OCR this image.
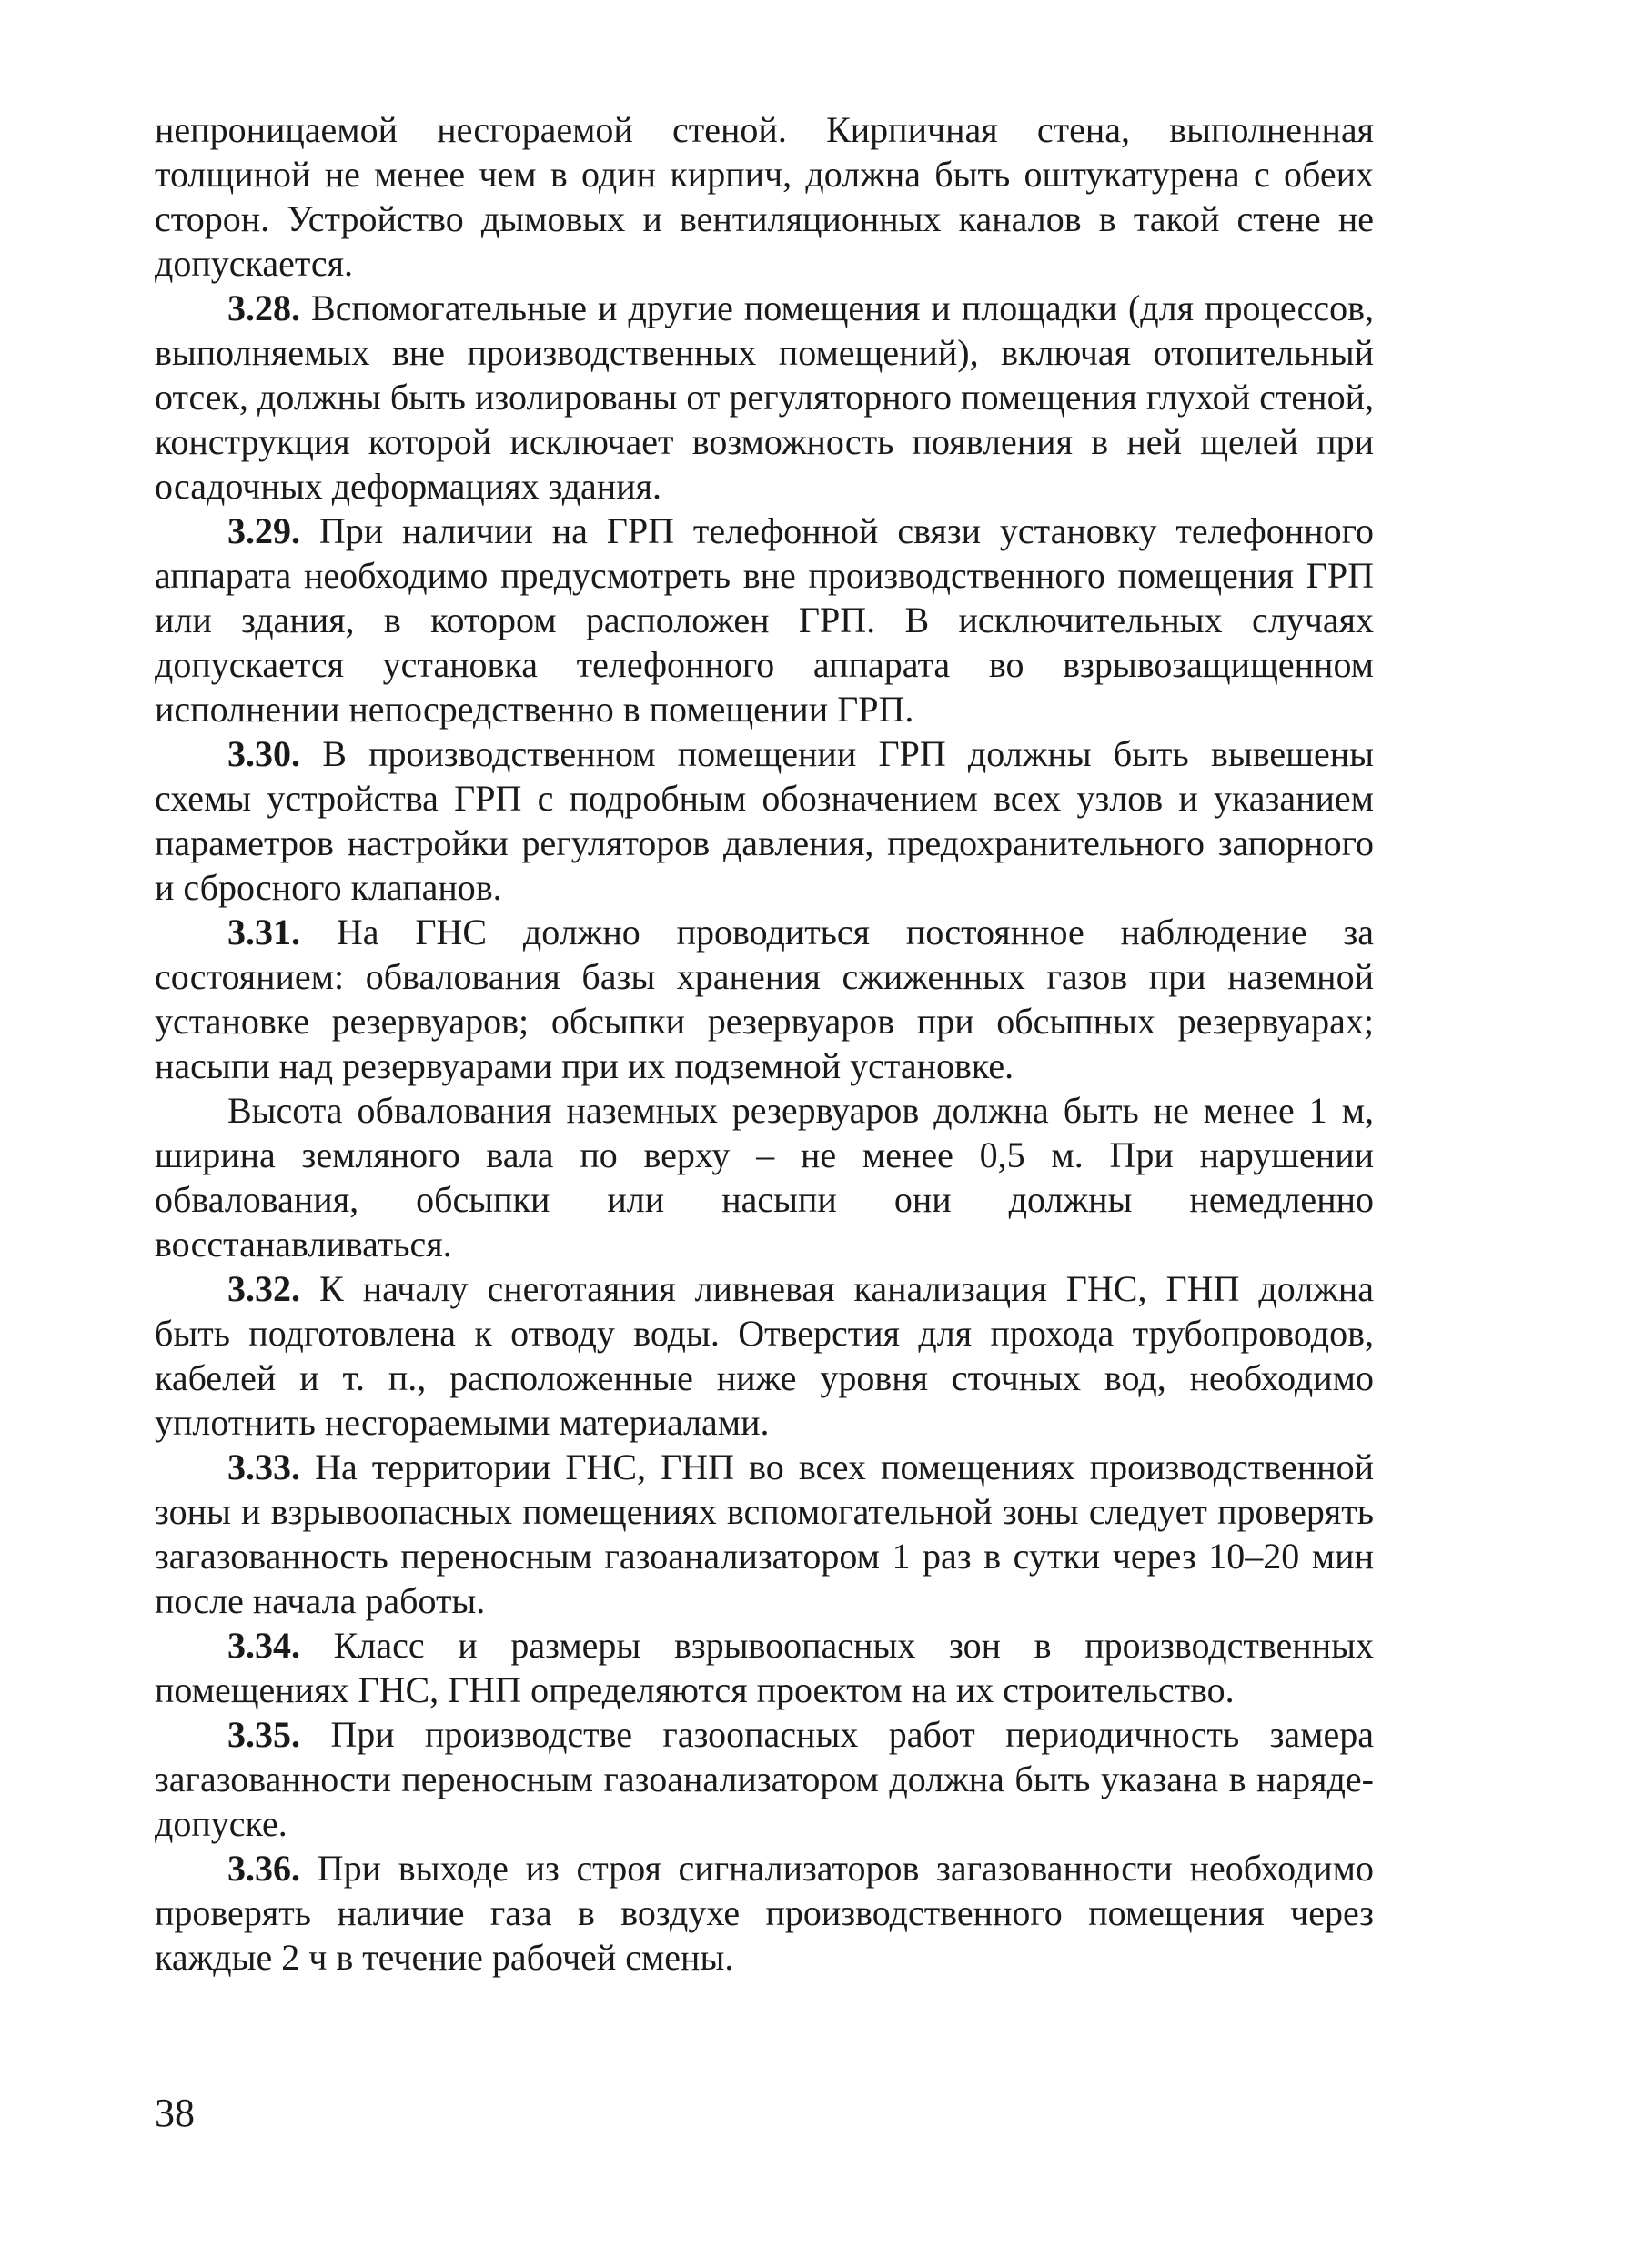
непроницаемой несгораемой стеной. Кирпичная стена, выполненная толщиной не менее чем в один кирпич, должна быть оштукатурена с обеих сторон. Устройство дымовых и вентиляционных каналов в такой стене не допускается.

3.28. Вспомогательные и другие помещения и площадки (для процессов, выполняемых вне производственных помещений), включая отопительный отсек, должны быть изолированы от регуляторного помещения глухой стеной, конструкция которой исключает возможность появления в ней щелей при осадочных деформациях здания.

3.29. При наличии на ГРП телефонной связи установку телефонного аппарата необходимо предусмотреть вне производственного помещения ГРП или здания, в котором расположен ГРП. В исключительных случаях допускается установка телефонного аппарата во взрывозащищенном исполнении непосредственно в помещении ГРП.

3.30. В производственном помещении ГРП должны быть вывешены схемы устройства ГРП с подробным обозначением всех узлов и указанием параметров настройки регуляторов давления, предохранительного запорного и сбросного клапанов.

3.31. На ГНС должно проводиться постоянное наблюдение за состоянием: обвалования базы хранения сжиженных газов при наземной установке резервуаров; обсыпки резервуаров при обсыпных резервуарах; насыпи над резервуарами при их подземной установке.

Высота обвалования наземных резервуаров должна быть не менее 1 м, ширина земляного вала по верху – не менее 0,5 м. При нарушении обвалования, обсыпки или насыпи они должны немедленно восстанавливаться.

3.32. К началу снеготаяния ливневая канализация ГНС, ГНП должна быть подготовлена к отводу воды. Отверстия для прохода трубопроводов, кабелей и т. п., расположенные ниже уровня сточных вод, необходимо уплотнить несгораемыми материалами.

3.33. На территории ГНС, ГНП во всех помещениях производственной зоны и взрывоопасных помещениях вспомогательной зоны следует проверять загазованность переносным газоанализатором 1 раз в сутки через 10–20 мин после начала работы.

3.34. Класс и размеры взрывоопасных зон в производственных помещениях ГНС, ГНП определяются проектом на их строительство.

3.35. При производстве газоопасных работ периодичность замера загазованности переносным газоанализатором должна быть указана в наряде-допуске.

3.36. При выходе из строя сигнализаторов загазованности необходимо проверять наличие газа в воздухе производственного помещения через каждые 2 ч в течение рабочей смены.

38
